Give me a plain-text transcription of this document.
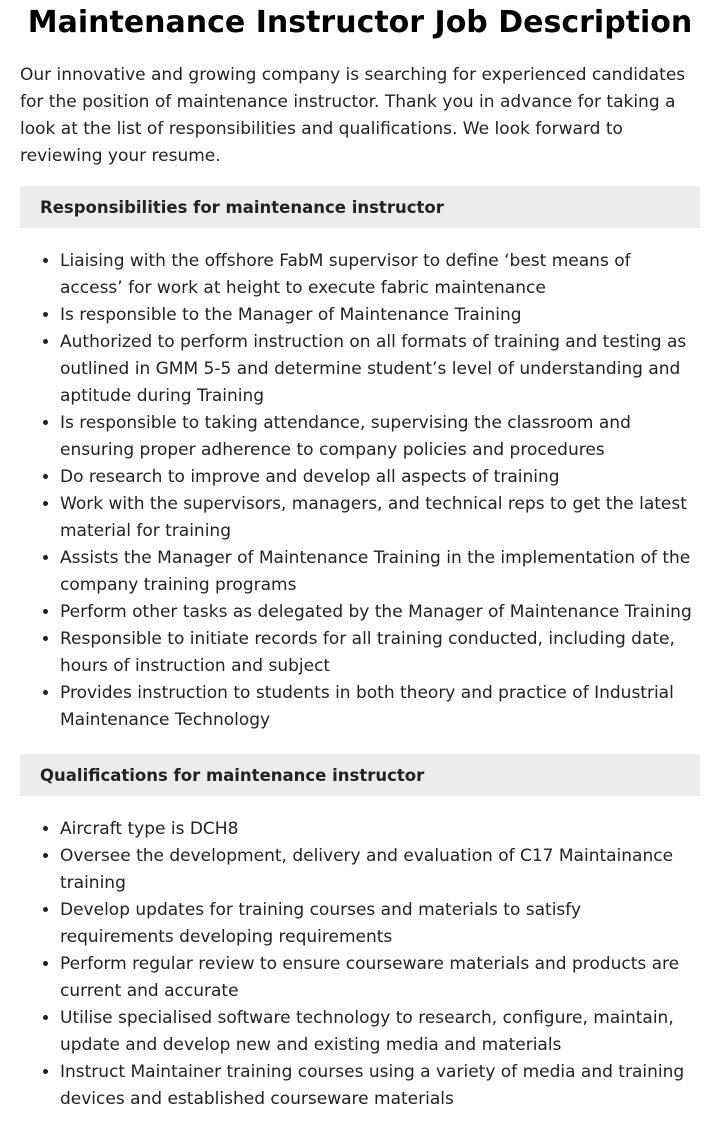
Maintenance Instructor Job Description

Our innovative and growing company is searching for experienced candidates for the position of maintenance instructor. Thank you in advance for taking a look at the list of responsibilities and qualifications. We look forward to reviewing your resume.

Responsibilities for maintenance instructor
• Liaising with the offshore FabM supervisor to define ‘best means of access’ for work at height to execute fabric maintenance
• Is responsible to the Manager of Maintenance Training
• Authorized to perform instruction on all formats of training and testing as outlined in GMM 5-5 and determine student’s level of understanding and aptitude during Training
• Is responsible to taking attendance, supervising the classroom and ensuring proper adherence to company policies and procedures
• Do research to improve and develop all aspects of training
• Work with the supervisors, managers, and technical reps to get the latest material for training
• Assists the Manager of Maintenance Training in the implementation of the company training programs
• Perform other tasks as delegated by the Manager of Maintenance Training
• Responsible to initiate records for all training conducted, including date, hours of instruction and subject
• Provides instruction to students in both theory and practice of Industrial Maintenance Technology
Qualifications for maintenance instructor
• Aircraft type is DCH8
• Oversee the development, delivery and evaluation of C17 Maintainance training
• Develop updates for training courses and materials to satisfy requirements developing requirements
• Perform regular review to ensure courseware materials and products are current and accurate
• Utilise specialised software technology to research, configure, maintain, update and develop new and existing media and materials
• Instruct Maintainer training courses using a variety of media and training devices and established courseware materials
